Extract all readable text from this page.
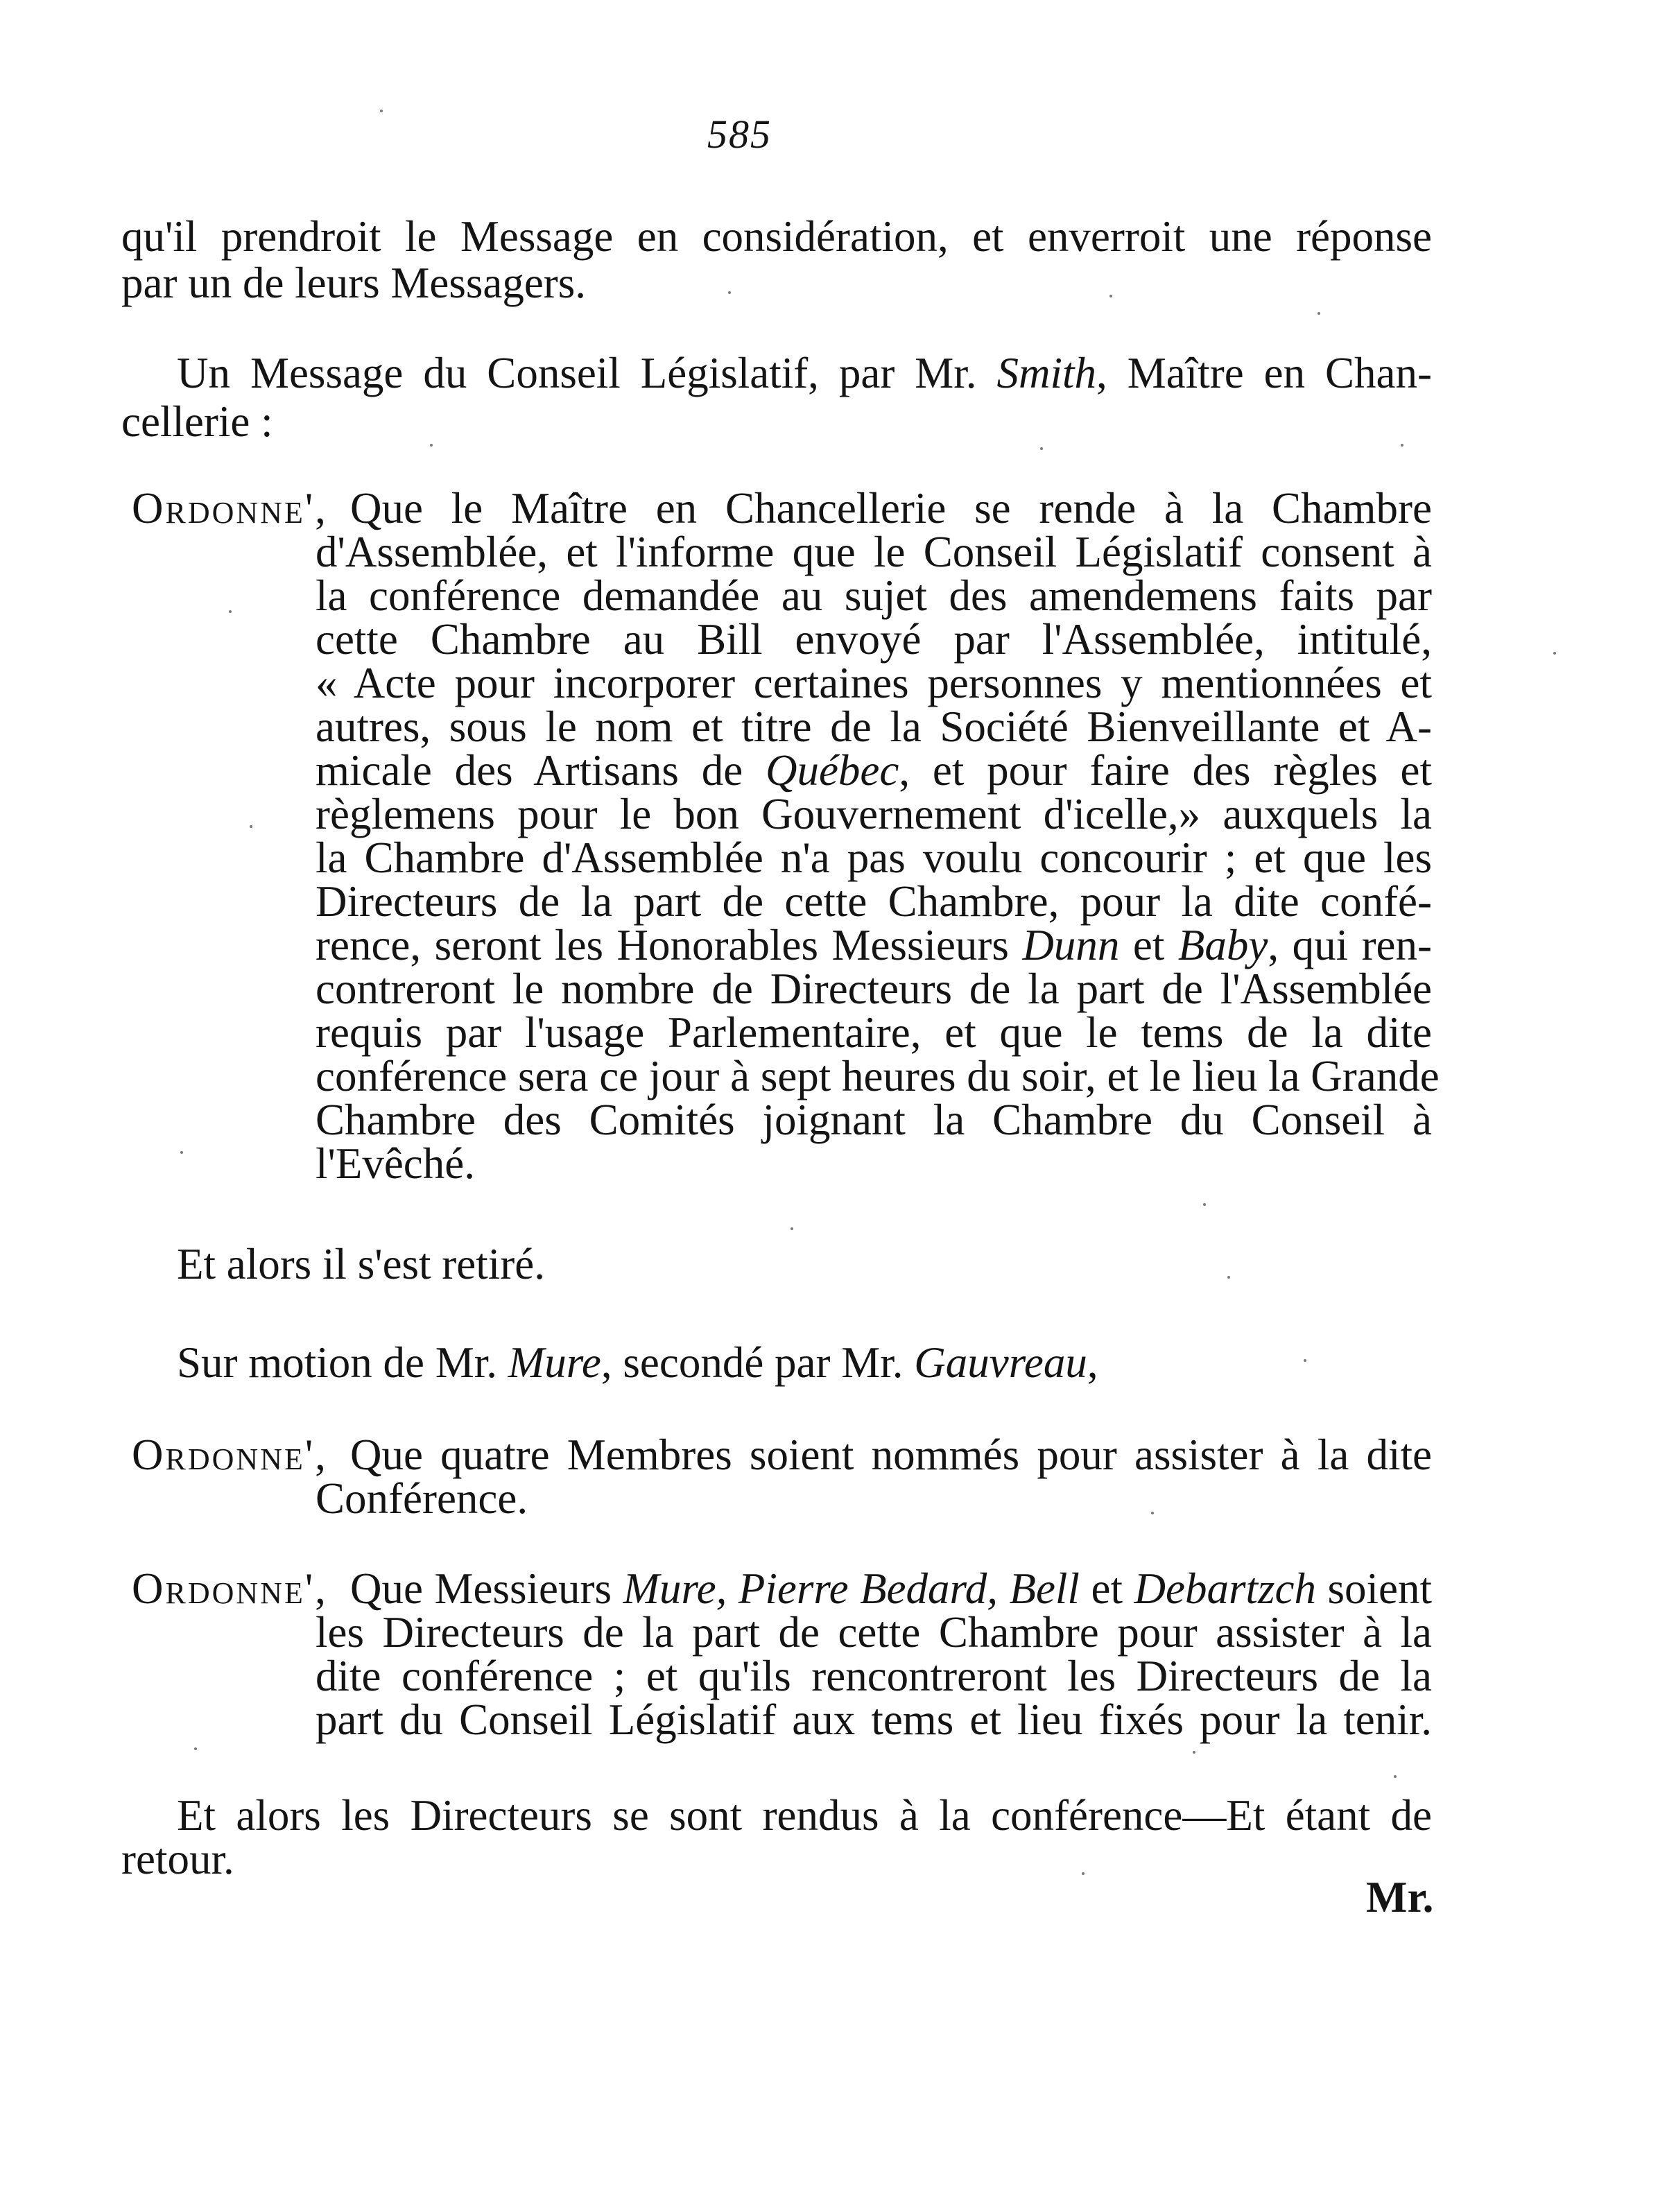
585
qu'il prendroit le Message en considération, et enverroit une réponse
par un de leurs Messagers.
Un Message du Conseil Législatif, par Mr. Smith, Maître en Chan-
cellerie :
Ordonne', Que le Maître en Chancellerie se rende à la Chambre
d'Assemblée, et l'informe que le Conseil Législatif consent à
la conférence demandée au sujet des amendemens faits par
cette Chambre au Bill envoyé par l'Assemblée, intitulé,
« Acte pour incorporer certaines personnes y mentionnées et
autres, sous le nom et titre de la Société Bienveillante et A-
micale des Artisans de Québec, et pour faire des règles et
règlemens pour le bon Gouvernement d'icelle,» auxquels la
la Chambre d'Assemblée n'a pas voulu concourir ; et que les
Directeurs de la part de cette Chambre, pour la dite confé-
rence, seront les Honorables Messieurs Dunn et Baby, qui ren-
contreront le nombre de Directeurs de la part de l'Assemblée
requis par l'usage Parlementaire, et que le tems de la dite
conférence sera ce jour à sept heures du soir, et le lieu la Grande
Chambre des Comités joignant la Chambre du Conseil à
l'Evêché.
Et alors il s'est retiré.
Sur motion de Mr. Mure, secondé par Mr. Gauvreau,
Ordonne', Que quatre Membres soient nommés pour assister à la dite
Conférence.
Ordonne', Que Messieurs Mure, Pierre Bedard, Bell et Debartzch soient
les Directeurs de la part de cette Chambre pour assister à la
dite conférence ; et qu'ils rencontreront les Directeurs de la
part du Conseil Législatif aux tems et lieu fixés pour la tenir.
Et alors les Directeurs se sont rendus à la conférence—Et étant de
retour.
Mr.
